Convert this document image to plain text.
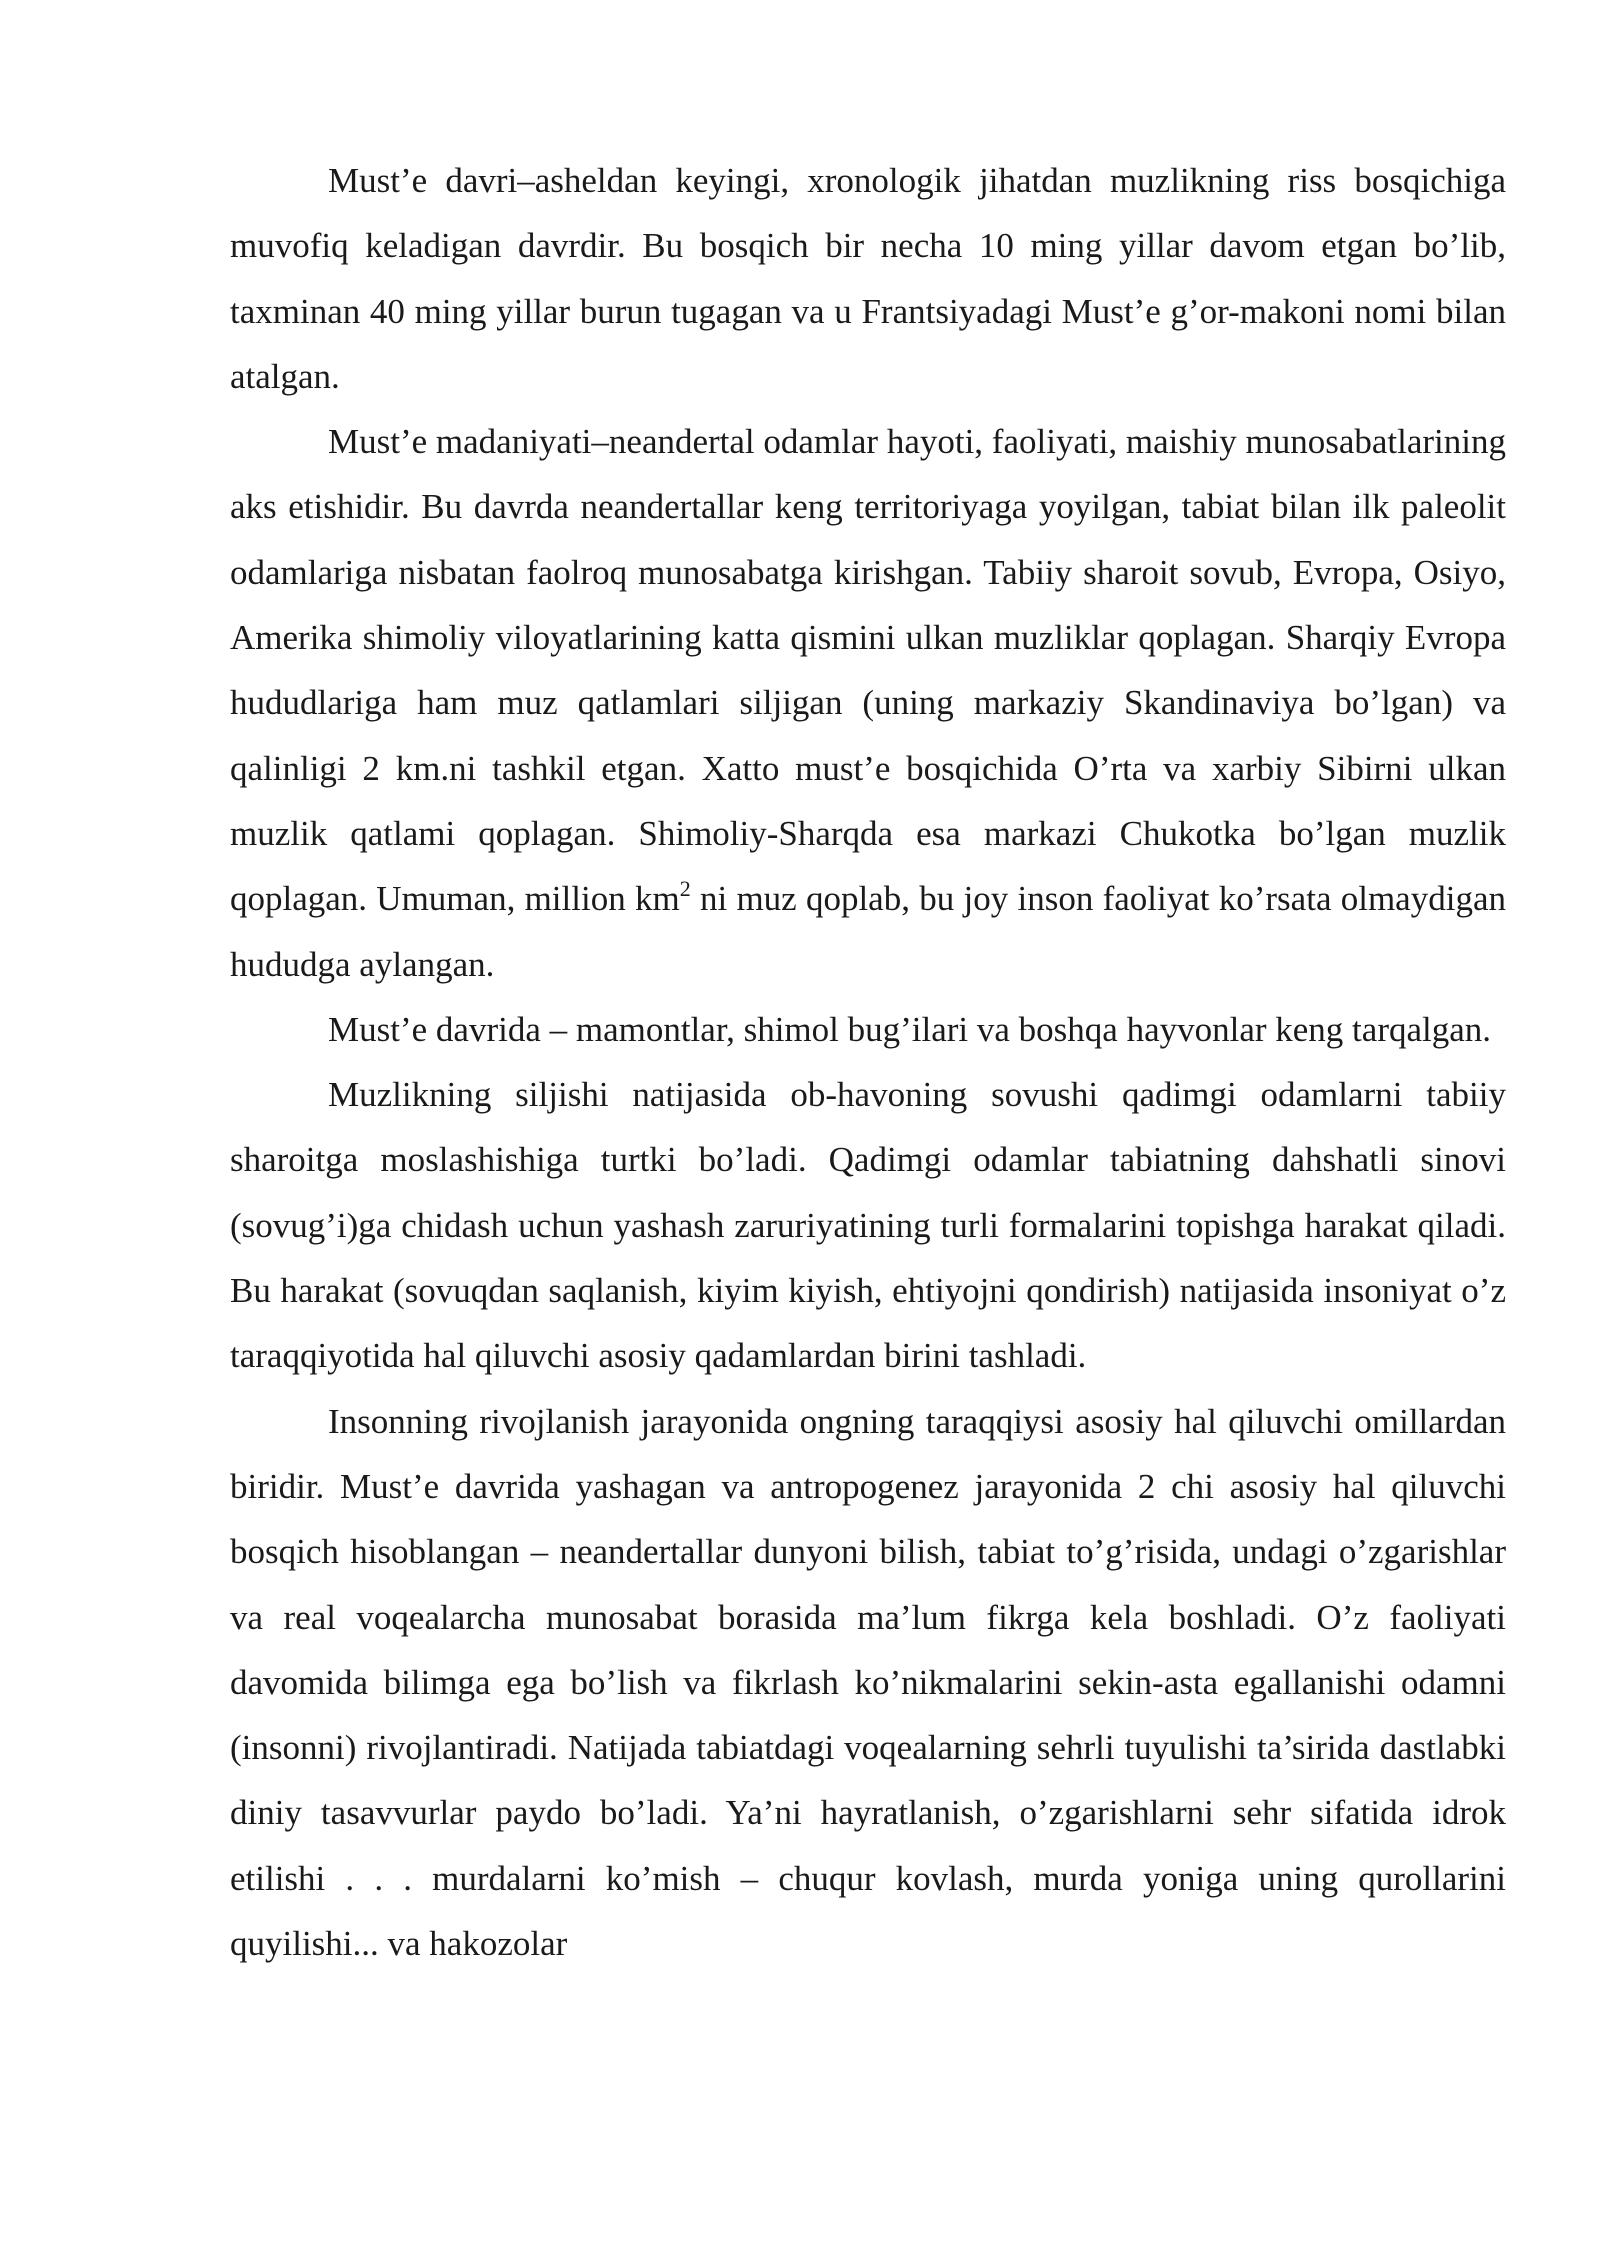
Must’e davri–asheldan keyingi, xronologik jihatdan muzlikning riss bosqichiga muvofiq keladigan davrdir. Bu bosqich bir necha 10 ming yillar davom etgan bo’lib, taxminan 40 ming yillar burun tugagan va u Frantsiyadagi Must’e g’or-makoni nomi bilan atalgan.

Must’e madaniyati–neandertal odamlar hayoti, faoliyati, maishiy munosabatlarining aks etishidir. Bu davrda neandertallar keng territoriyaga yoyilgan, tabiat bilan ilk paleolit odamlariga nisbatan faolroq munosabatga kirishgan. Tabiiy sharoit sovub, Evropa, Osiyo, Amerika shimoliy viloyatlarining katta qismini ulkan muzliklar qoplagan. Sharqiy Evropa hududlariga ham muz qatlamlari siljigan (uning markaziy Skandinaviya bo’lgan) va qalinligi 2 km.ni tashkil etgan. Xatto must’e bosqichida O’rta va xarbiy Sibirni ulkan muzlik qatlami qoplagan. Shimoliy-Sharqda esa markazi Chukotka bo’lgan muzlik qoplagan. Umuman, million $km^2$ ni muz qoplab, bu joy inson faoliyat ko’rsata olmaydigan hududga aylangan.

Must’e davrida – mamontlar, shimol bug’ilari va boshqa hayvonlar keng tarqalgan.

Muzlikning siljishi natijasida ob-havoning sovushi qadimgi odamlarni tabiiy sharoitga moslashishiga turtki bo’ladi. Qadimgi odamlar tabiatning dahshatli sinovi (sovug’i)ga chidash uchun yashash zaruriyatining turli formalarini topishga harakat qiladi. Bu harakat (sovuqdan saqlanish, kiyim kiyish, ehtiyojni qondirish) natijasida insoniyat o’z taraqqiyotida hal qiluvchi asosiy qadamlardan birini tashladi.

Insonning rivojlanish jarayonida ongning taraqqiysi asosiy hal qiluvchi omillardan biridir. Must’e davrida yashagan va antropogenez jarayonida 2 chi asosiy hal qiluvchi bosqich hisoblangan – neandertallar dunyoni bilish, tabiat to’g’risida, undagi o’zgarishlar va real voqealarcha munosabat borasida ma’lum fikrga kela boshladi. O’z faoliyati davomida bilimga ega bo’lish va fikrlash ko’nikmalarini sekin-asta egallanishi odamni (insonni) rivojlantiradi. Natijada tabiatdagi voqealarning sehrli tuyulishi ta’sirida dastlabki diniy tasavvurlar paydo bo’ladi. Ya’ni hayratlanish, o’zgarishlarni sehr sifatida idrok etilishi . . . murdalarni ko’mish – chuqur kovlash, murda yoniga uning qurollarini quyilishi... va hakozolar
